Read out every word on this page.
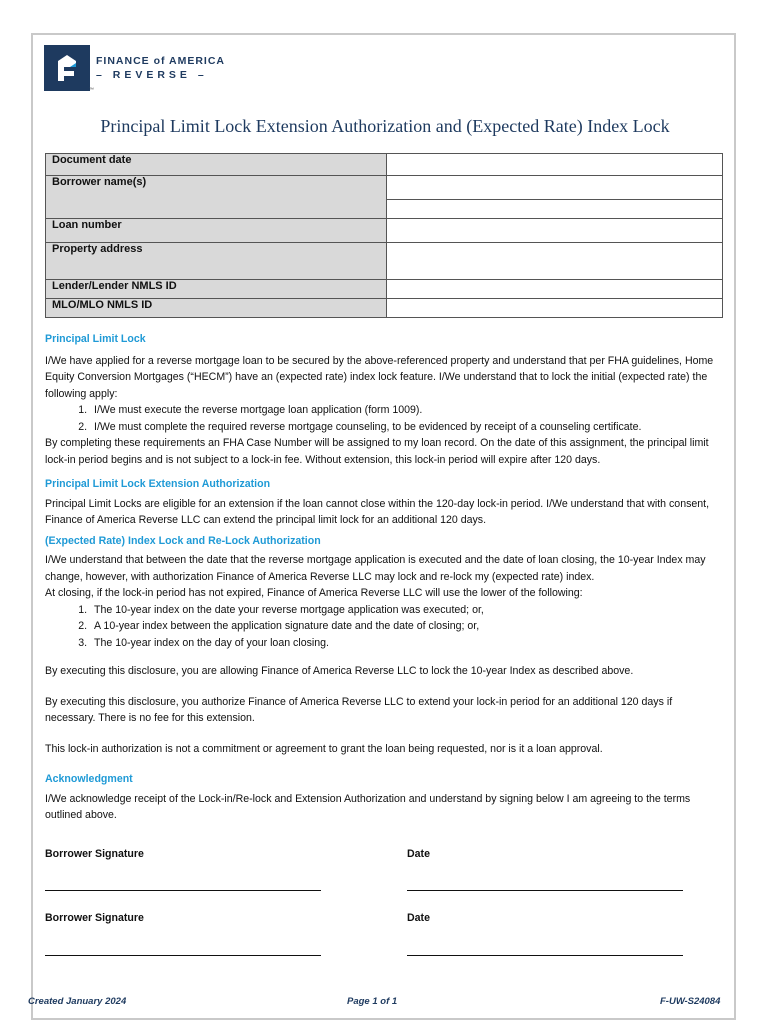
FINANCE of AMERICA
– REVERSE –
™
Principal Limit Lock Extension Authorization and (Expected Rate) Index Lock
Document date	
Borrower name(s)	

Loan number	
Property address	
Lender/Lender NMLS ID	
MLO/MLO NMLS ID	

Principal Limit Lock

I/We have applied for a reverse mortgage loan to be secured by the above-referenced property and understand that per FHA guidelines, Home Equity Conversion Mortgages (“HECM”) have an (expected rate) index lock feature. I/We understand that to lock the initial (expected rate) the following apply:

1. I/We must execute the reverse mortgage loan application (form 1009).
2. I/We must complete the required reverse mortgage counseling, to be evidenced by receipt of a counseling certificate.

By completing these requirements an FHA Case Number will be assigned to my loan record. On the date of this assignment, the principal limit lock-in period begins and is not subject to a lock-in fee. Without extension, this lock-in period will expire after 120 days.

Principal Limit Lock Extension Authorization

Principal Limit Locks are eligible for an extension if the loan cannot close within the 120-day lock-in period. I/We understand that with consent, Finance of America Reverse LLC can extend the principal limit lock for an additional 120 days.

(Expected Rate) Index Lock and Re-Lock Authorization

I/We understand that between the date that the reverse mortgage application is executed and the date of loan closing, the 10-year Index may change, however, with authorization Finance of America Reverse LLC may lock and re-lock my (expected rate) index.

At closing, if the lock-in period has not expired, Finance of America Reverse LLC will use the lower of the following:

1. The 10-year index on the date your reverse mortgage application was executed; or,
2. A 10-year index between the application signature date and the date of closing; or,
3. The 10-year index on the day of your loan closing.

By executing this disclosure, you are allowing Finance of America Reverse LLC to lock the 10-year Index as described above.

By executing this disclosure, you authorize Finance of America Reverse LLC to extend your lock-in period for an additional 120 days if necessary. There is no fee for this extension.

This lock-in authorization is not a commitment or agreement to grant the loan being requested, nor is it a loan approval.

Acknowledgment

I/We acknowledge receipt of the Lock-in/Re-lock and Extension Authorization and understand by signing below I am agreeing to the terms outlined above.

Borrower Signature	Date
Borrower Signature	Date
Created January 2024	Page 1 of 1	F-UW-S24084
